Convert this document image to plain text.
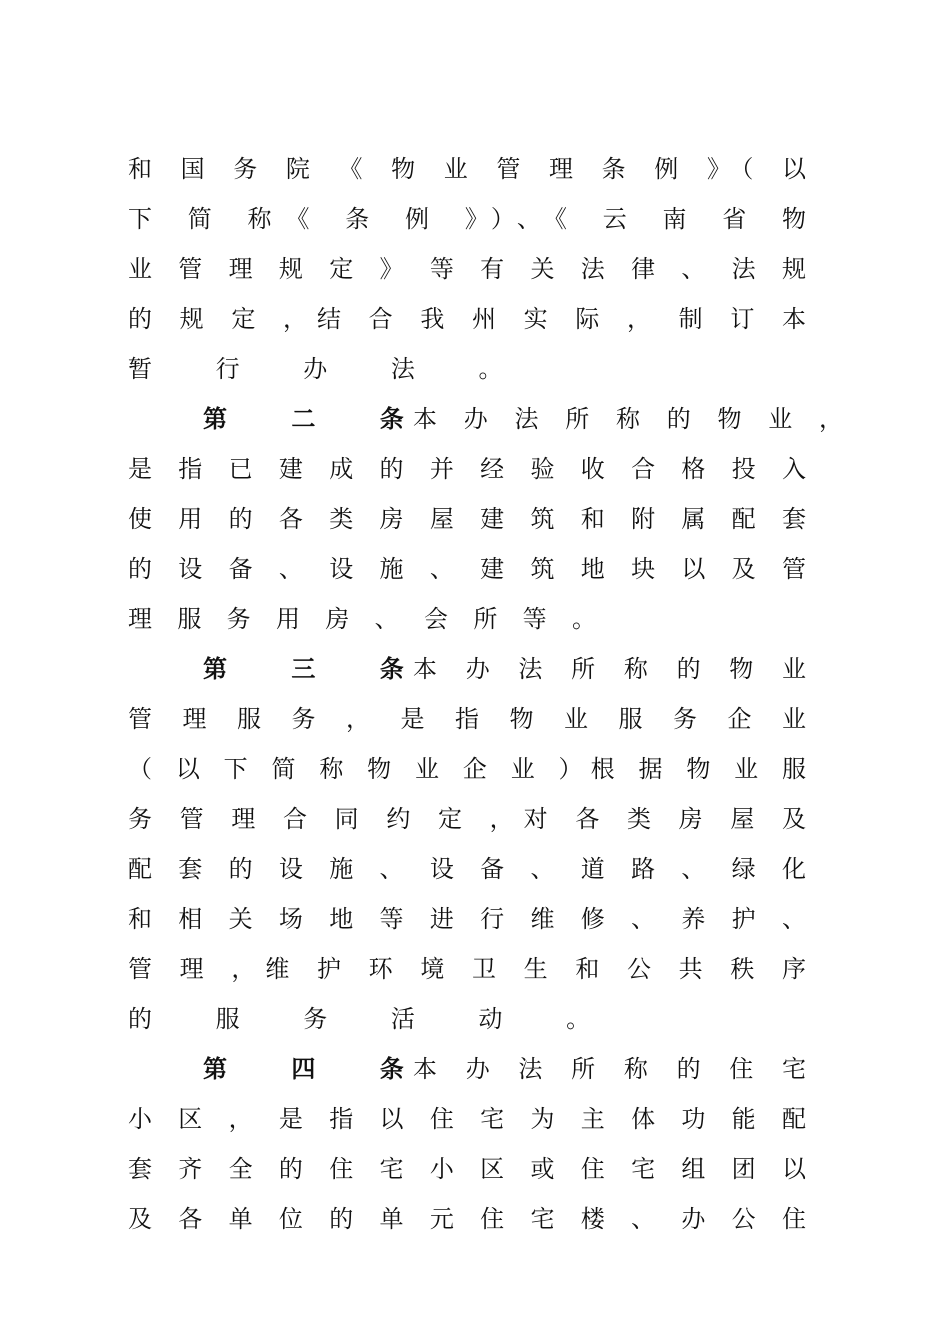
和 国 务 院 《 物 业 管 理 条 例 》（ 以
下 简 称《 条 例 》）、《 云 南 省 物
业 管 理 规 定 》 等 有 关 法 律 、 法 规
的 规 定 ，结 合 我 州 实 际 ， 制 订 本
暂 行 办 法 。
第 二 条
本 办 法 所 称 的 物 业 ，
是 指 已 建 成 的 并 经 验 收 合 格 投 入
使 用 的 各 类 房 屋 建 筑 和 附 属 配 套
的 设 备 、 设 施 、 建 筑 地 块 以 及 管
理 服 务 用 房 、 会 所 等 。
第 三 条
本 办 法 所 称 的 物 业
管 理 服 务 ， 是 指 物 业 服 务 企 业
（ 以 下 简 称 物 业 企 业 ）根 据 物 业 服
务 管 理 合 同 约 定 ，对 各 类 房 屋 及
配 套 的 设 施 、 设 备 、 道 路 、 绿 化
和 相 关 场 地 等 进 行 维 修 、 养 护 、
管 理 ，维 护 环 境 卫 生 和 公 共 秩 序
的 服 务 活 动 。
第 四 条
本 办 法 所 称 的 住 宅
小 区 ， 是 指 以 住 宅 为 主 体 功 能 配
套 齐 全 的 住 宅 小 区 或 住 宅 组 团 以
及 各 单 位 的 单 元 住 宅 楼 、 办 公 住
